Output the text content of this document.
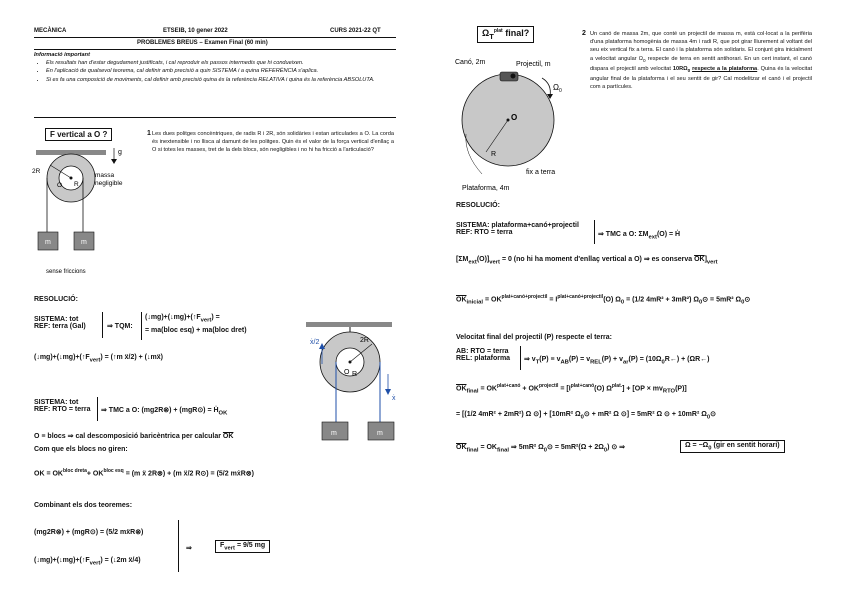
MECÀNICA	ETSEIB, 10 gener 2022	CURS 2021-22 QT
PROBLEMES BREUS – Examen Final (60 min)
Informació important
• Els resultats han d'estar degudament justificats, i cal reproduir els passos intermedis que hi condueixen.
• En l'aplicació de qualsevol teorema, cal definir amb precisió a quin SISTEMA i a quina REFERÈNCIA s'aplica.
• Si es fa una composició de moviments, cal definir amb precisió quina és la referència RELATIVA i quina és la referència ABSOLUTA.
F vertical a O ?	1 Les dues politges concèntriques, de radis R i 2R, són solidàries i estan articulades a O. La corda és inextensible i no llisca al damunt de les politges. Quin és el valor de la força vertical d'enllaç a O si totes les masses, tret de la dels blocs, són negligibles i no hi ha fricció a l'articulació?
g
2R
O R
massa
negligible
m	m
sense friccions
RESOLUCIÓ:
SISTEMA: tot
REF: terra (Gal)	⇒ TQM:
$(↓mg)+(↓mg)+(↑F_{vert})$ =
= ma(bloc esq) + ma(bloc dret)
$(↓mg)+(↓mg)+(↑F_{vert})$ = (↑m ẍ/2) + (↓mẍ)
ẋ/2	2R
O R
ẋ
m	m
SISTEMA: tot
REF: RTO = terra ⇒ TMC a O: (mg2R⊗) + (mgR⊙) = Ḣ$_{OK}$
O ≡ blocs ⇒ cal descomposició baricèntrica per calcular $\overline{OK}$
Com que els blocs no giren:
OK = $OK^{bloc dreta}+ OK^{bloc esq} = (m$ ẍ 2R⊗) + (m ẍ/2 R⊙) = (5/2 mẋR⊗)
Combinant els dos teoremes:
(mg2R⊗) + (mgR⊙) = (5/2 mẍR⊗)
$(↓mg)+(↓mg)+(↑F_{vert})$ = (↓2m ẍ/4)
⇒	$F_{vert} = 9/5$ mg
$\Omega_T^{plat}$ final?	2 Un canó de massa 2m, que conté un projectil de massa m, està col·locat a la perifèria d'una plataforma homogènia de massa 4m i radi R, que pot girar lliurement al voltant del seu eix vertical fix a terra. El canó i la plataforma són solidaris. El conjunt gira inicialment a velocitat angular $\Omega_0$ respecte de terra en sentit antihorari. En un cert instant, el canó dispara el projectil amb velocitat $10R\Omega_0$ respecte a la plataforma. Quina és la velocitat angular final de la plataforma i el seu sentit de gir? Cal modelitzar el canó i el projectil com a partícules.
Canó, 2m	Projectil, m
$\Omega_0$
O
R
fix a terra
Plataforma, 4m
RESOLUCIÓ:
SISTEMA: plataforma+canó+projectil
REF: RTO = terra	⇒ TMC a O: $\Sigma M_{ext}(O)$ = Ḣ
$[\Sigma M_{ext}(O)]_{vert} = 0$ (no hi ha moment d'enllaç vertical a O) ⇒ es conserva $\overline{OK}]_{vert}$
$\overline{OK}_{inicial} = OK^{plat+canó+projectil} = I^{plat+canó+projectil}(O) \Omega_0 = (1/2$ 4mR² + 3mR²) $\Omega_0⊙ = 5mR^2$ $\Omega_0⊙$
Velocitat final del projectil (P) respecte el terra:
AB: RTO = terra
REL: plataforma ⇒ $v_T(P) \equiv v_{AB}(P) = v_{REL}(P) + v_{ar}(P)$ = $(10\Omega_0R\leftarrow)$ + (ΩR←)
$\overline{OK}_{final} = OK^{plat+canó} + OK^{projectil} = [I^{plat+canó}(O) \Omega^{plat.}] + [OP \times mv_{RTO}(P)]$
= [(1/2 4mR² + 2mR²) Ω ⊙] + [10mR² $\Omega_0⊙ + mR^2$ Ω ⊙] = 5mR² Ω ⊙ + 10mR² $\Omega_0⊙$
$\overline{OK}_{final} = OK_{final}$ ⇒ 5mR² $\Omega_0⊙ = 5mR^2(\Omega + 2\Omega_0)$ ⊙ ⇒	$\Omega = -\Omega_0$ (gir en sentit horari)
